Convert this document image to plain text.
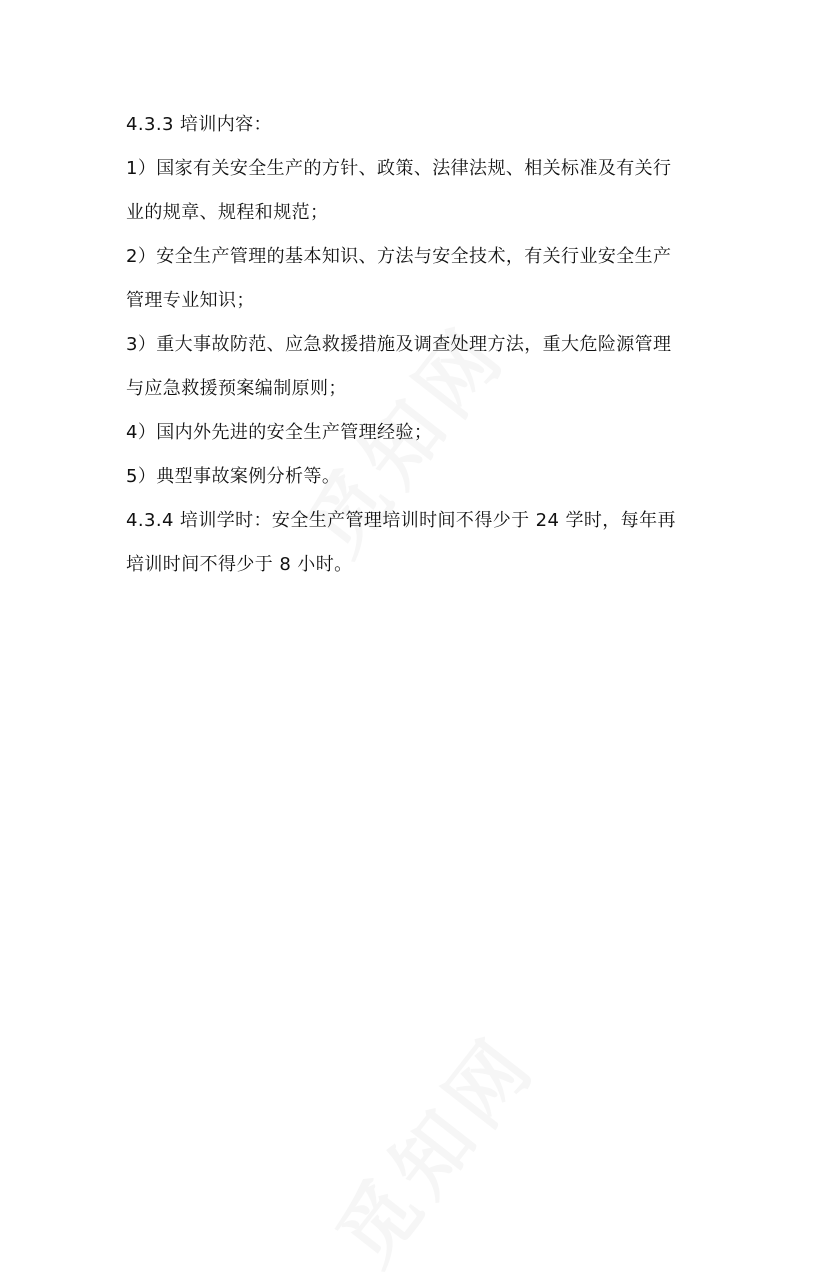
4.3.3 培训内容：
1）国家有关安全生产的方针、政策、法律法规、相关标准及有关行
业的规章、规程和规范；
2）安全生产管理的基本知识、方法与安全技术，有关行业安全生产
管理专业知识；
3）重大事故防范、应急救援措施及调查处理方法，重大危险源管理
与应急救援预案编制原则；
4）国内外先进的安全生产管理经验；
5）典型事故案例分析等。
4.3.4 培训学时：安全生产管理培训时间不得少于 24 学时，每年再
培训时间不得少于 8 小时。
